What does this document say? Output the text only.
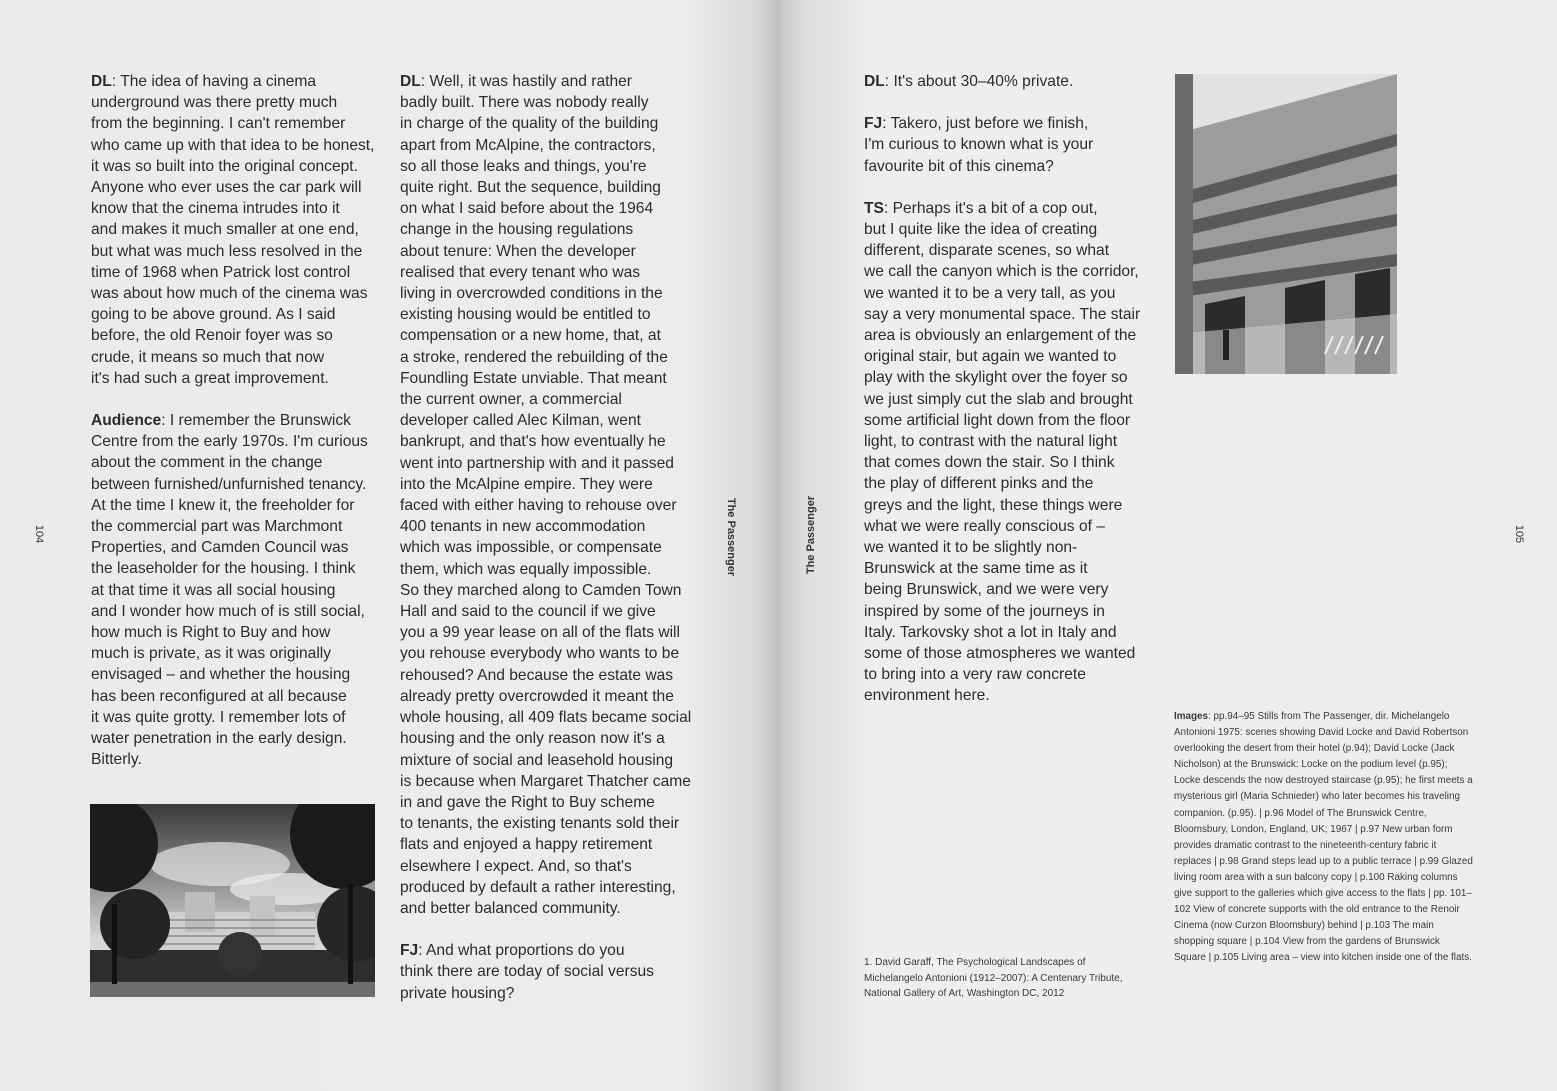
DL: The idea of having a cinema
underground was there pretty much
from the beginning. I can't remember
who came up with that idea to be honest,
it was so built into the original concept.
Anyone who ever uses the car park will
know that the cinema intrudes into it
and makes it much smaller at one end,
but what was much less resolved in the
time of 1968 when Patrick lost control
was about how much of the cinema was
going to be above ground. As I said
before, the old Renoir foyer was so
crude, it means so much that now
it's had such a great improvement.

Audience: I remember the Brunswick
Centre from the early 1970s. I'm curious
about the comment in the change
between furnished/unfurnished tenancy.
At the time I knew it, the freeholder for
the commercial part was Marchmont
Properties, and Camden Council was
the leaseholder for the housing. I think
at that time it was all social housing
and I wonder how much of is still social,
how much is Right to Buy and how
much is private, as it was originally
envisaged – and whether the housing
has been reconfigured at all because
it was quite grotty. I remember lots of
water penetration in the early design.
Bitterly.

DL: Well, it was hastily and rather
badly built. There was nobody really
in charge of the quality of the building
apart from McAlpine, the contractors,
so all those leaks and things, you're
quite right. But the sequence, building
on what I said before about the 1964
change in the housing regulations
about tenure: When the developer
realised that every tenant who was
living in overcrowded conditions in the
existing housing would be entitled to
compensation or a new home, that, at
a stroke, rendered the rebuilding of the
Foundling Estate unviable. That meant
the current owner, a commercial
developer called Alec Kilman, went
bankrupt, and that's how eventually he
went into partnership with and it passed
into the McAlpine empire. They were
faced with either having to rehouse over
400 tenants in new accommodation
which was impossible, or compensate
them, which was equally impossible.
So they marched along to Camden Town
Hall and said to the council if we give
you a 99 year lease on all of the flats will
you rehouse everybody who wants to be
rehoused? And because the estate was
already pretty overcrowded it meant the
whole housing, all 409 flats became social
housing and the only reason now it's a
mixture of social and leasehold housing
is because when Margaret Thatcher came
in and gave the Right to Buy scheme
to tenants, the existing tenants sold their
flats and enjoyed a happy retirement
elsewhere I expect. And, so that's
produced by default a rather interesting,
and better balanced community.

FJ: And what proportions do you
think there are today of social versus
private housing?

104	The Passenger	The Passenger

DL: It's about 30–40% private.

FJ: Takero, just before we finish,
I'm curious to known what is your
favourite bit of this cinema?

TS: Perhaps it's a bit of a cop out,
but I quite like the idea of creating
different, disparate scenes, so what
we call the canyon which is the corridor,
we wanted it to be a very tall, as you
say a very monumental space. The stair
area is obviously an enlargement of the
original stair, but again we wanted to
play with the skylight over the foyer so
we just simply cut the slab and brought
some artificial light down from the floor
light, to contrast with the natural light
that comes down the stair. So I think
the play of different pinks and the
greys and the light, these things were
what we were really conscious of –
we wanted it to be slightly non-
Brunswick at the same time as it
being Brunswick, and we were very
inspired by some of the journeys in
Italy. Tarkovsky shot a lot in Italy and
some of those atmospheres we wanted
to bring into a very raw concrete
environment here.

1. David Garaff, The Psychological Landscapes of
Michelangelo Antonioni (1912–2007): A Centenary Tribute,
National Gallery of Art, Washington DC, 2012
Images: pp.94–95 Stills from The Passenger, dir. Michelangelo Antonioni 1975: scenes showing David Locke and David Robertson overlooking the desert from their hotel (p.94); David Locke (Jack Nicholson) at the Brunswick: Locke on the podium level (p.95); Locke descends the now destroyed staircase (p.95); he first meets a mysterious girl (Maria Schnieder) who later becomes his traveling companion. (p.95). | p.96 Model of The Brunswick Centre, Bloomsbury, London, England, UK; 1967 | p.97 New urban form provides dramatic contrast to the nineteenth-century fabric it replaces | p.98 Grand steps lead up to a public terrace | p.99 Glazed living room area with a sun balcony copy | p.100 Raking columns give support to the galleries which give access to the flats | pp. 101–102 View of concrete supports with the old entrance to the Renoir Cinema (now Curzon Bloomsbury) behind | p.103 The main shopping square | p.104 View from the gardens of Brunswick Square | p.105 Living area – view into kitchen inside one of the flats.
105
